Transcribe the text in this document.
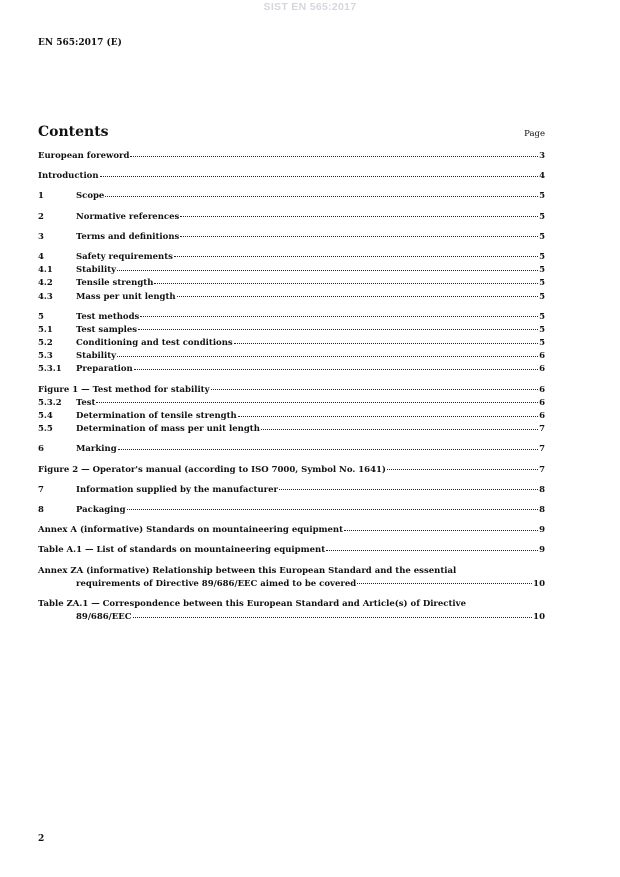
SIST EN 565:2017
EN 565:2017 (E)
Contents	Page
European foreword	3
Introduction	4
1	Scope	5
2	Normative references	5
3	Terms and definitions	5
4	Safety requirements	5
4.1	Stability	5
4.2	Tensile strength	5
4.3	Mass per unit length	5
5	Test methods	5
5.1	Test samples	5
5.2	Conditioning and test conditions	5
5.3	Stability	6
5.3.1	Preparation	6
Figure 1 — Test method for stability	6
5.3.2	Test	6
5.4	Determination of tensile strength	6
5.5	Determination of mass per unit length	7
6	Marking	7
Figure 2 — Operator's manual (according to ISO 7000, Symbol No. 1641)	7
7	Information supplied by the manufacturer	8
8	Packaging	8
Annex A (informative) Standards on mountaineering equipment	9
Table A.1 — List of standards on mountaineering equipment	9
Annex ZA (informative) Relationship between this European Standard and the essential
requirements of Directive 89/686/EEC aimed to be covered	10
Table ZA.1 — Correspondence between this European Standard and Article(s) of Directive
89/686/EEC	10
2
